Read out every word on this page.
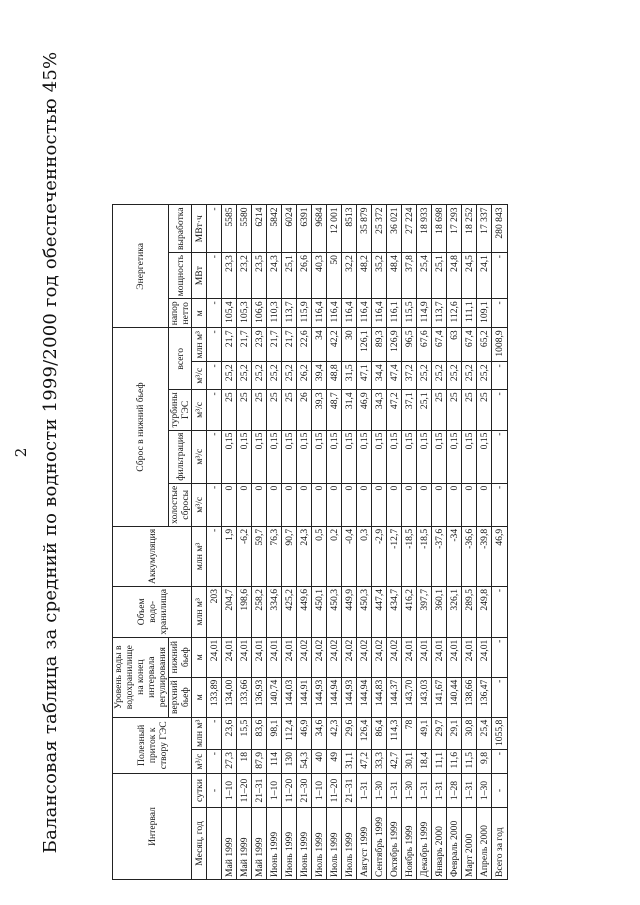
2 Балансовая таблица за средний по водности 1999/2000 год обеспеченностью 45%	Интервал		Полезный приток к створу ГЭС		Уровень воды в водохранилище на конец интервала регулирования		Объем водо-хранилища	Аккумуляция	Сброс в нижний бьеф					Энергетика		
				верхний бьеф	нижний бьеф			холостые сбросы	фильтрация	турбины ГЭС	всего		напор нетто	мощность	выработка

Месяц, год	сутки	м³/с	млн м³	м	м	млн м³	млн м³	м³/с	м³/с	м³/с	м³/с	млн м³	м	МВт	МВт·ч
	-	-	-	133,89	24,01	203	-	-	-	-	-	-	-	-	-
Май 1999	1–10	27,3	23,6	134,00	24,01	204,7	1,9	0	0,15	25	25,2	21,7	105,4	23,3	5585
Май 1999	11–20	18	15,5	133,66	24,01	198,6	-6,2	0	0,15	25	25,2	21,7	105,3	23,2	5580
Май 1999	21–31	87,9	83,6	136,93	24,01	258,2	59,7	0	0,15	25	25,2	23,9	106,6	23,5	6214
Июнь 1999	1–10	114	98,1	140,74	24,01	334,6	76,3	0	0,15	25	25,2	21,7	110,3	24,3	5842
Июнь 1999	11–20	130	112,4	144,03	24,01	425,2	90,7	0	0,15	25	25,2	21,7	113,7	25,1	6024
Июнь 1999	21–30	54,3	46,9	144,91	24,02	449,6	24,3	0	0,15	26	26,2	22,6	115,9	26,6	6391
Июль 1999	1–10	40	34,6	144,93	24,02	450,1	0,5	0	0,15	39,3	39,4	34	116,4	40,3	9684
Июль 1999	11–20	49	42,3	144,94	24,02	450,3	0,2	0	0,15	48,7	48,8	42,2	116,4	50	12 001
Июль 1999	21–31	31,1	29,6	144,93	24,02	449,9	-0,4	0	0,15	31,4	31,5	30	116,4	32,2	8513
Август 1999	1–31	47,2	126,4	144,94	24,02	450,3	0,3	0	0,15	46,9	47,1	126,1	116,4	48,2	35 879
Сентябрь 1999	1–30	33,3	86,4	144,83	24,02	447,4	-2,9	0	0,15	34,3	34,4	89,3	116,4	35,2	25 372
Октябрь 1999	1–31	42,7	114,3	144,37	24,02	434,7	-12,7	0	0,15	47,2	47,4	126,9	116,1	48,4	36 021
Ноябрь 1999	1–30	30,1	78	143,70	24,01	416,2	-18,5	0	0,15	37,1	37,2	96,5	115,5	37,8	27 224
Декабрь 1999	1–31	18,4	49,1	143,03	24,01	397,7	-18,5	0	0,15	25,1	25,2	67,6	114,9	25,4	18 933
Январь 2000	1–31	11,1	29,7	141,67	24,01	360,1	-37,6	0	0,15	25	25,2	67,4	113,7	25,1	18 698
Февраль 2000	1–28	11,6	29,1	140,44	24,01	326,1	-34	0	0,15	25	25,2	63	112,6	24,8	17 293
Март 2000	1–31	11,5	30,8	138,66	24,01	289,5	-36,6	0	0,15	25	25,2	67,4	111,1	24,5	18 252
Апрель 2000	1–30	9,8	25,4	136,47	24,01	249,8	-39,8	0	0,15	25	25,2	65,2	109,1	24,1	17 337
Всего за год	-	-	1055,8	-	-	-	46,9	-	-	-	-	1008,9	-	-	280 843
